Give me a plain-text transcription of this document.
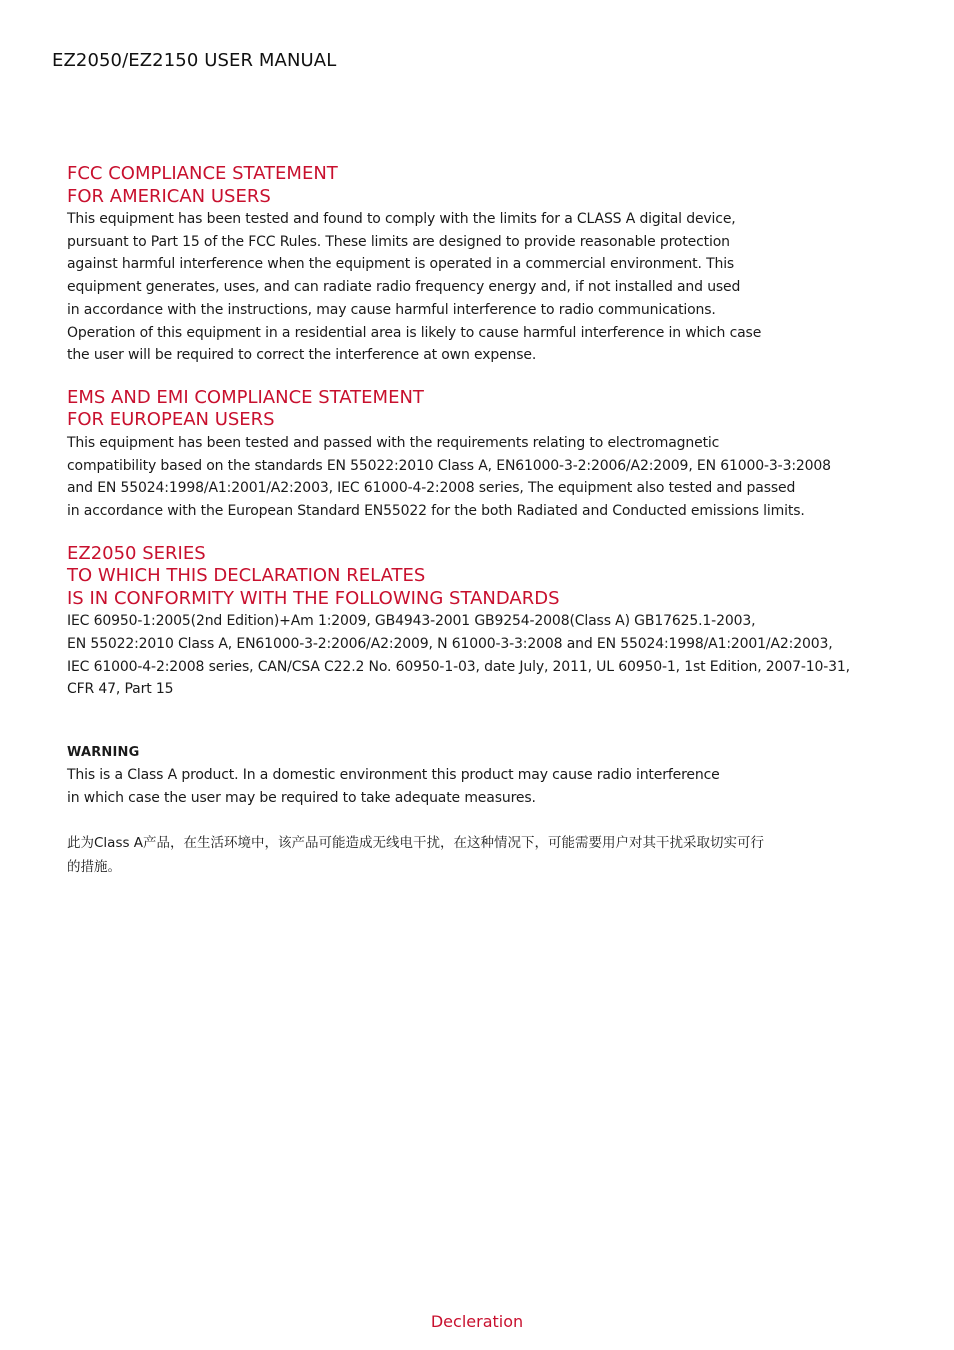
EZ2050/EZ2150 USER MANUAL
FCC COMPLIANCE STATEMENT
FOR AMERICAN USERS
This equipment has been tested and found to comply with the limits for a CLASS A digital device,
pursuant to Part 15 of the FCC Rules. These limits are designed to provide reasonable protection
against harmful interference when the equipment is operated in a commercial environment. This
equipment generates, uses, and can radiate radio frequency energy and, if not installed and used
in accordance with the instructions, may cause harmful interference to radio communications.
Operation of this equipment in a residential area is likely to cause harmful interference in which case
the user will be required to correct the interference at own expense.
EMS AND EMI COMPLIANCE STATEMENT
FOR EUROPEAN USERS
This equipment has been tested and passed with the requirements relating to electromagnetic
compatibility based on the standards EN 55022:2010 Class A, EN61000-3-2:2006/A2:2009, EN 61000-3-3:2008
and EN 55024:1998/A1:2001/A2:2003, IEC 61000-4-2:2008 series, The equipment also tested and passed
in accordance with the European Standard EN55022 for the both Radiated and Conducted emissions limits.
EZ2050 SERIES
TO WHICH THIS DECLARATION RELATES
IS IN CONFORMITY WITH THE FOLLOWING STANDARDS
IEC 60950-1:2005(2nd Edition)+Am 1:2009, GB4943-2001 GB9254-2008(Class A) GB17625.1-2003,
EN 55022:2010 Class A, EN61000-3-2:2006/A2:2009, N 61000-3-3:2008 and EN 55024:1998/A1:2001/A2:2003,
IEC 61000-4-2:2008 series, CAN/CSA C22.2 No. 60950-1-03, date July, 2011, UL 60950-1, 1st Edition, 2007-10-31,
CFR 47, Part 15
WARNING
This is a Class A product. In a domestic environment this product may cause radio interference
in which case the user may be required to take adequate measures.
此为Class A产品，在生活环境中，该产品可能造成无线电干扰，在这种情况下，可能需要用户对其干扰采取切实可行
的措施。
Decleration
